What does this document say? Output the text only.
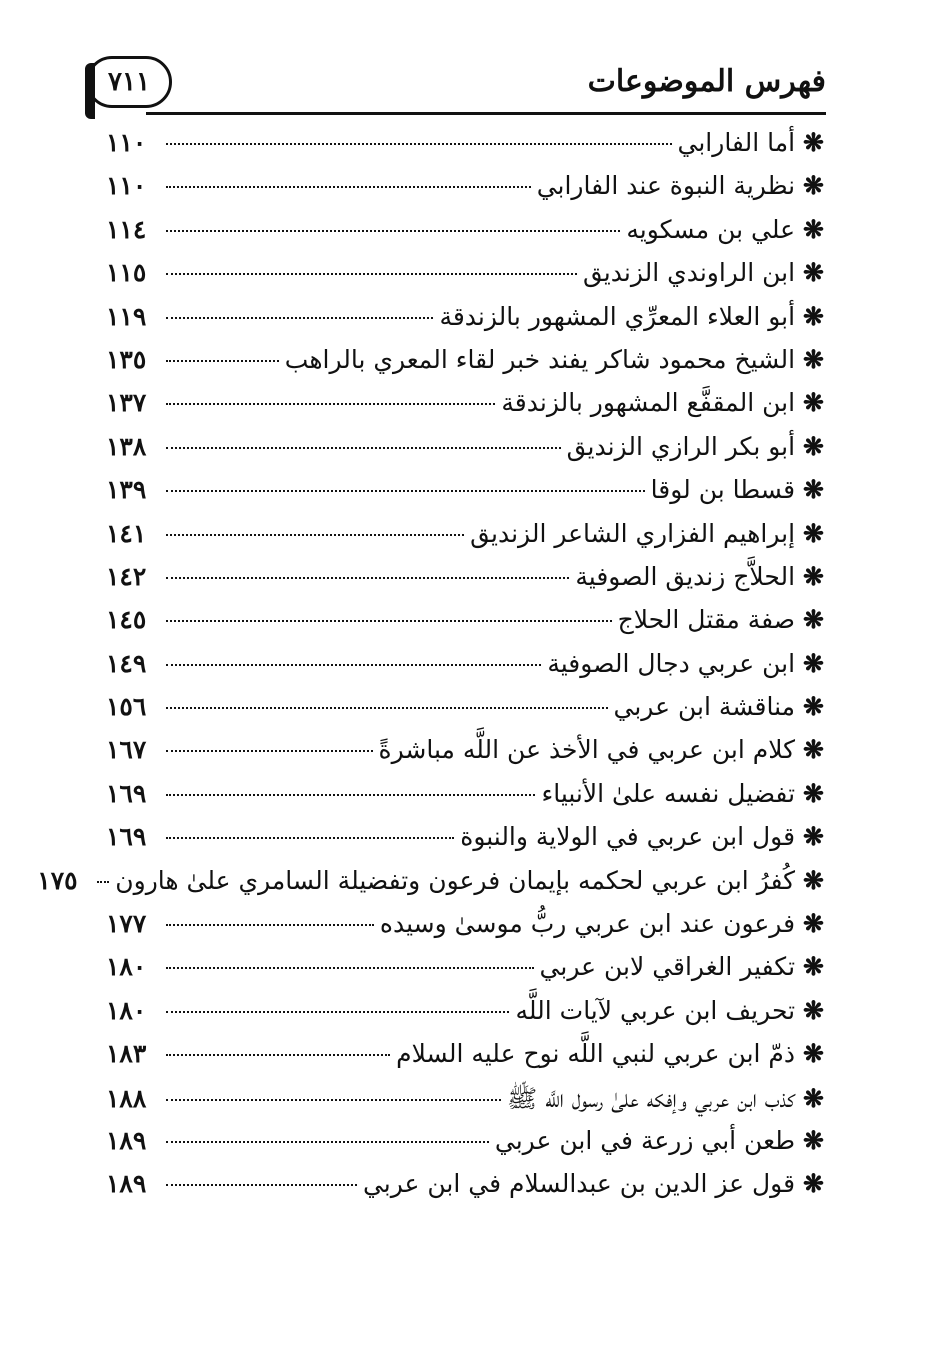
فهرس الموضوعات
٧١١
❋
أما الفارابي
١١٠
❋
نظرية النبوة عند الفارابي
١١٠
❋
علي بن مسكويه
١١٤
❋
ابن الراوندي الزنديق
١١٥
❋
أبو العلاء المعرِّي المشهور بالزندقة
١١٩
❋
الشيخ محمود شاكر يفند خبر لقاء المعري بالراهب
١٣٥
❋
ابن المقفَّع المشهور بالزندقة
١٣٧
❋
أبو بكر الرازي الزنديق
١٣٨
❋
قسطا بن لوقا
١٣٩
❋
إبراهيم الفزاري الشاعر الزنديق
١٤١
❋
الحلاَّج زنديق الصوفية
١٤٢
❋
صفة مقتل الحلاج
١٤٥
❋
ابن عربي دجال الصوفية
١٤٩
❋
مناقشة ابن عربي
١٥٦
❋
كلام ابن عربي في الأخذ عن اللَّه مباشرةً
١٦٧
❋
تفضيل نفسه علىٰ الأنبياء
١٦٩
❋
قول ابن عربي في الولاية والنبوة
١٦٩
❋
كُفرُ ابن عربي لحكمه بإيمان فرعون وتفضيلة السامري علىٰ هارون
١٧٥
❋
فرعون عند ابن عربي ربُّ موسىٰ وسيده
١٧٧
❋
تكفير الغراقي لابن عربي
١٨٠
❋
تحريف ابن عربي لآيات اللَّه
١٨٠
❋
ذمّ ابن عربي لنبي اللَّه نوح عليه السلام
١٨٣
❋
كذب ابن عربي وإفكه علىٰ رسول اللَّه ﷺ
١٨٨
❋
طعن أبي زرعة في ابن عربي
١٨٩
❋
قول عز الدين بن عبدالسلام في ابن عربي
١٨٩
